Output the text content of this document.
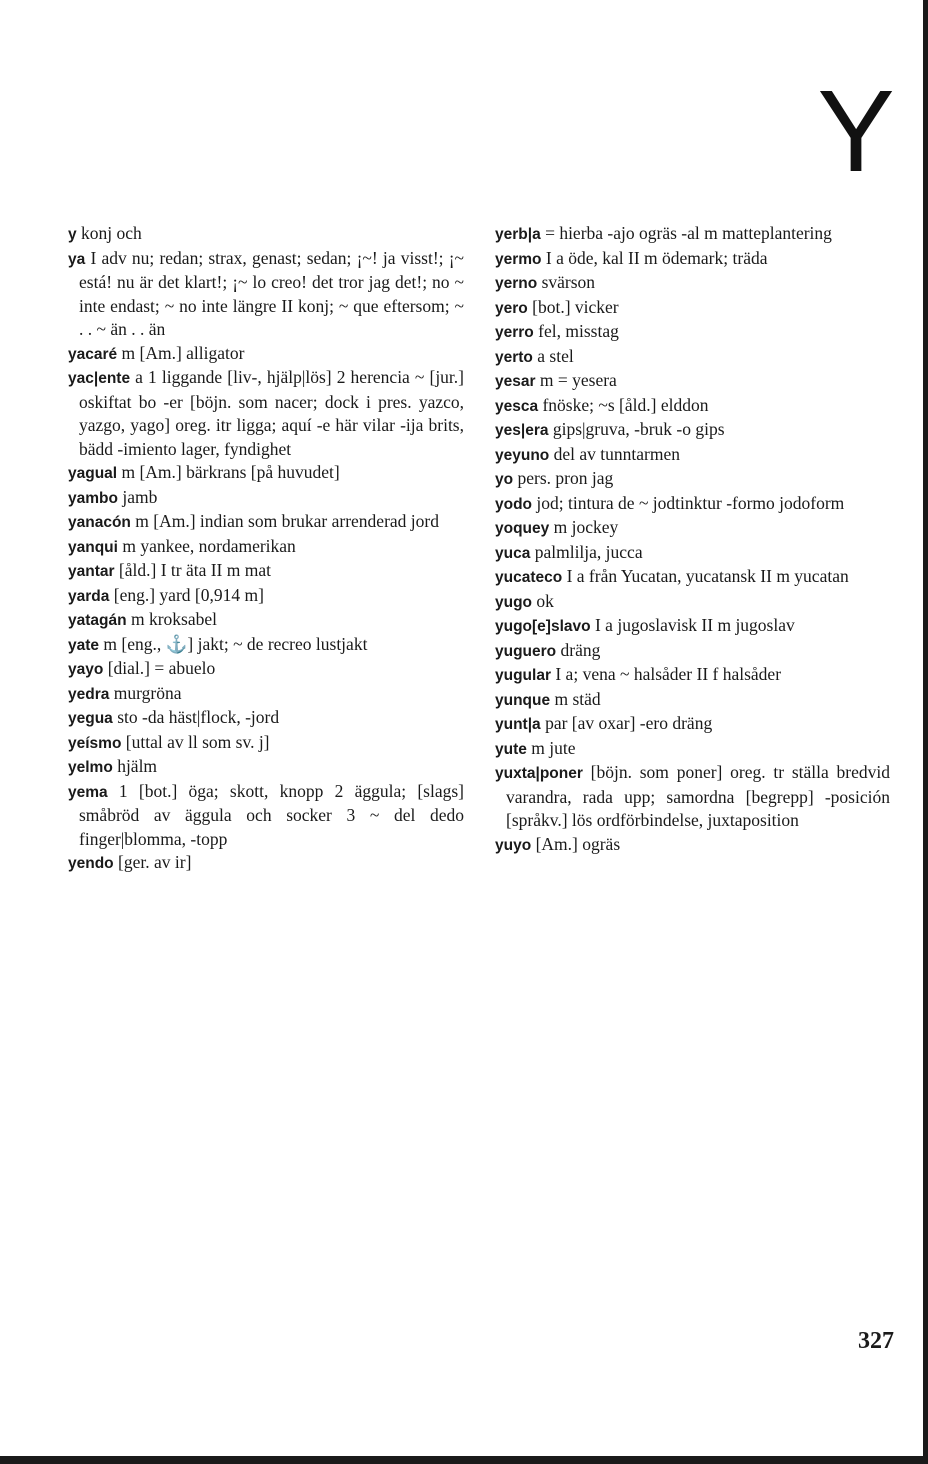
Y

y konj och

ya I adv nu; redan; strax, genast; sedan; ¡~! ja visst!; ¡~ está! nu är det klart!; ¡~ lo creo! det tror jag det!; no ~ inte endast; ~ no inte längre II konj; ~ que eftersom; ~ . . ~ än . . än

yacaré m [Am.] alligator

yac|ente a 1 liggande [liv-, hjälp|lös] 2 herencia ~ [jur.] oskiftat bo -er [böjn. som nacer; dock i pres. yazco, yazgo, yago] oreg. itr ligga; aquí -e här vilar -ija brits, bädd -imiento lager, fyndighet

yagual m [Am.] bärkrans [på huvudet]

yambo jamb

yanacón m [Am.] indian som brukar arrenderad jord

yanqui m yankee, nordamerikan

yantar [åld.] I tr äta II m mat

yarda [eng.] yard [0,914 m]

yatagán m kroksabel

yate m [eng., ⚓] jakt; ~ de recreo lustjakt

yayo [dial.] = abuelo

yedra murgröna

yegua sto -da häst|flock, -jord

yeísmo [uttal av ll som sv. j]

yelmo hjälm

yema 1 [bot.] öga; skott, knopp 2 äggula; [slags] småbröd av äggula och socker 3 ~ del dedo finger|blomma, -topp

yendo [ger. av ir]

yerb|a = hierba -ajo ogräs -al m matteplantering

yermo I a öde, kal II m ödemark; träda

yerno svärson

yero [bot.] vicker

yerro fel, misstag

yerto a stel

yesar m = yesera

yesca fnöske; ~s [åld.] elddon

yes|era gips|gruva, -bruk -o gips

yeyuno del av tunntarmen

yo pers. pron jag

yodo jod; tintura de ~ jodtinktur -formo jodoform

yoquey m jockey

yuca palmlilja, jucca

yucateco I a från Yucatan, yucatansk II m yucatan

yugo ok

yugo[e]slavo I a jugoslavisk II m jugoslav

yuguero dräng

yugular I a; vena ~ halsåder II f halsåder

yunque m städ

yunt|a par [av oxar] -ero dräng

yute m jute

yuxta|poner [böjn. som poner] oreg. tr ställa bredvid varandra, rada upp; samordna [begrepp] -posición [språkv.] lös ordförbindelse, juxtaposition

yuyo [Am.] ogräs

327
